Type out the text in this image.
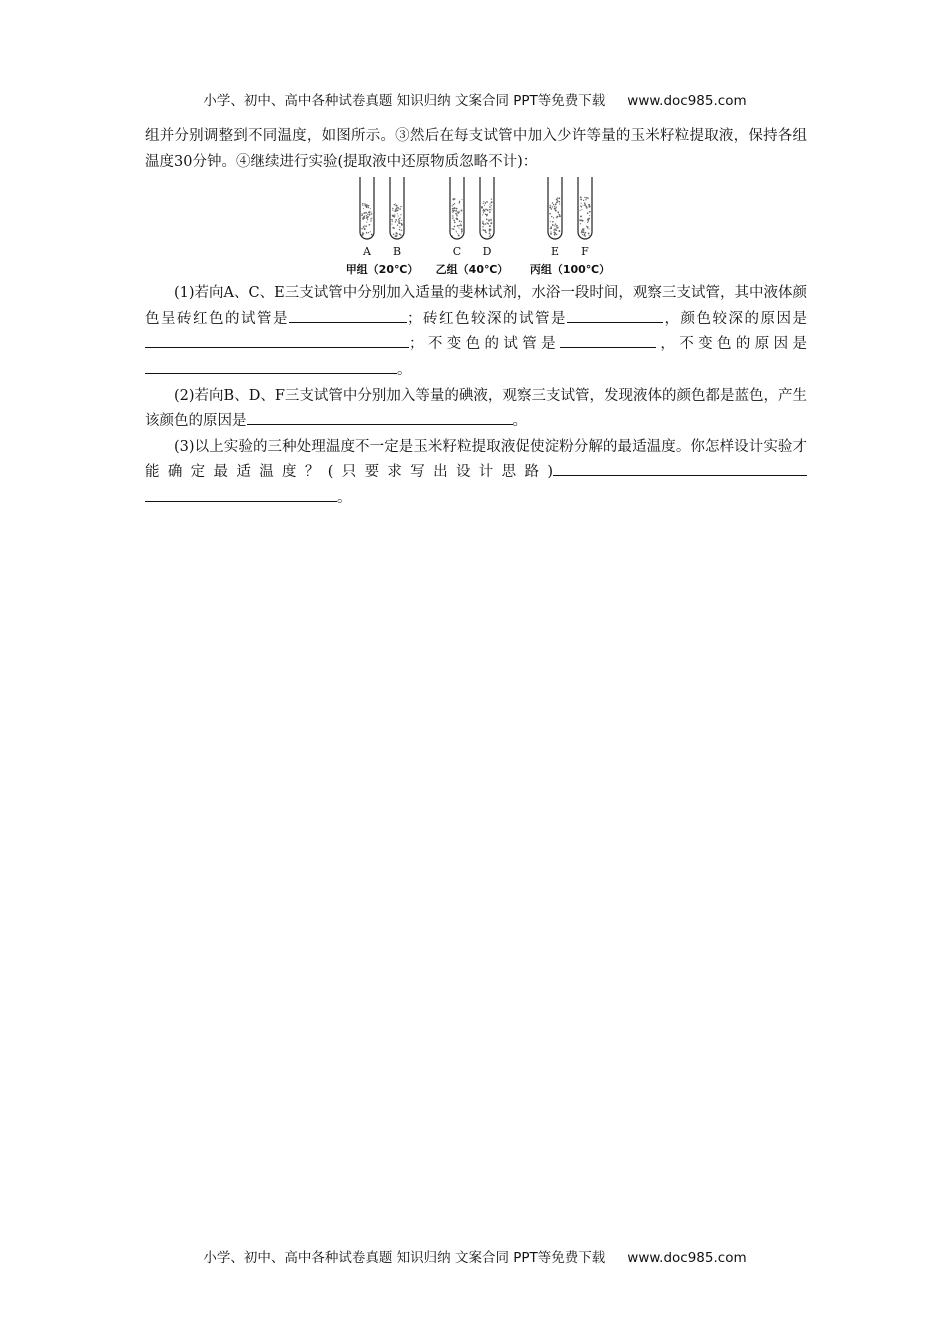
小学、初中、高中各种试卷真题 知识归纳 文案合同 PPT等免费下载 www.doc985.com

组并分别调整到不同温度，如图所示。③然后在每支试管中加入少许等量的玉米籽粒提取液，保持各组温度30分钟。④继续进行实验(提取液中还原物质忽略不计)：

A B	C D	E F
甲组（20℃） 乙组（40℃） 丙组（100℃）

(1)若向A、C、E三支试管中分别加入适量的斐林试剂，水浴一段时间，观察三支试管，其中液体颜色呈砖红色的试管是	；砖红色较深的试管是	，颜色较深的原因是；不变色的试管是	，不变色的原因是。

(2)若向B、D、F三支试管中分别加入等量的碘液，观察三支试管，发现液体的颜色都是蓝色，产生该颜色的原因是	。

(3)以上实验的三种处理温度不一定是玉米籽粒提取液促使淀粉分解的最适温度。你怎样设计实验才能确定最适温度？(只要求写出设计思路)。

小学、初中、高中各种试卷真题 知识归纳 文案合同 PPT等免费下载 www.doc985.com
